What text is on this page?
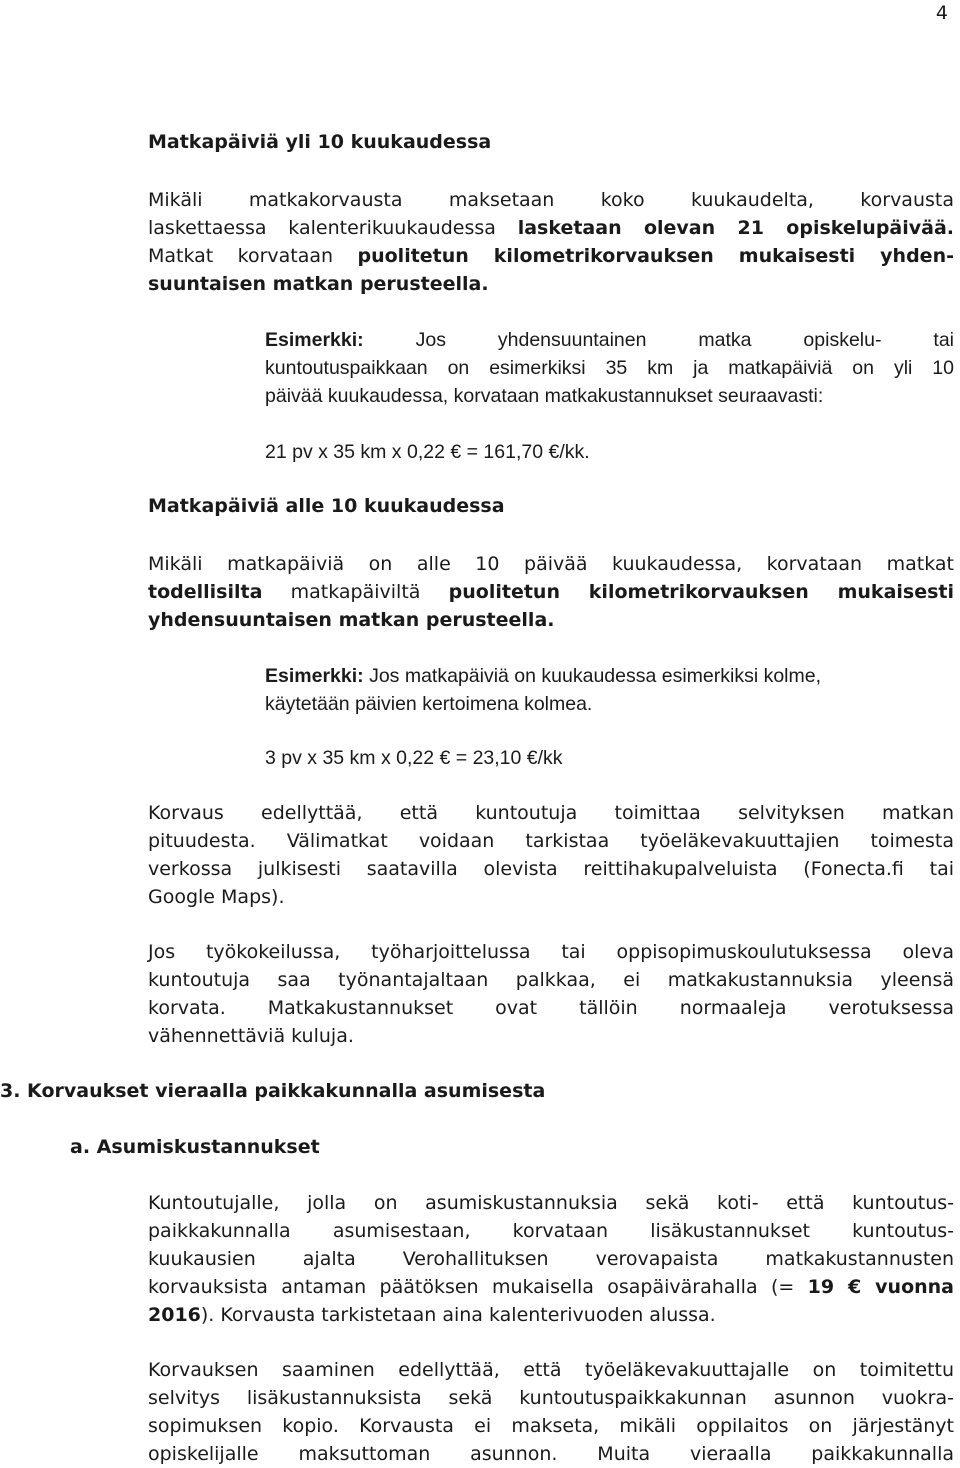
4
Matkapäiviä yli 10 kuukaudessa
Mikäli matkakorvausta maksetaan koko kuukaudelta, korvausta
laskettaessa kalenterikuukaudessa lasketaan olevan 21 opiskelupäivää.
Matkat korvataan puolitetun kilometrikorvauksen mukaisesti yhden-
suuntaisen matkan perusteella.
Esimerkki:	Jos yhdensuuntainen matka opiskelu- tai
kuntoutuspaikkaan on esimerkiksi 35 km ja matkapäiviä on yli 10
päivää kuukaudessa, korvataan matkakustannukset seuraavasti:
21 pv x 35 km x 0,22 € = 161,70 €/kk.
Matkapäiviä alle 10 kuukaudessa
Mikäli matkapäiviä on alle 10 päivää kuukaudessa, korvataan matkat
todellisilta matkapäiviltä puolitetun kilometrikorvauksen mukaisesti
yhdensuuntaisen matkan perusteella.
Esimerkki: Jos matkapäiviä on kuukaudessa esimerkiksi kolme,
käytetään päivien kertoimena kolmea.
3 pv x 35 km x 0,22 € = 23,10 €/kk
Korvaus edellyttää, että kuntoutuja toimittaa selvityksen matkan
pituudesta. Välimatkat voidaan tarkistaa työeläkevakuuttajien toimesta
verkossa julkisesti saatavilla olevista reittihakupalveluista (Fonecta.fi tai
Google Maps).
Jos työkokeilussa, työharjoittelussa tai oppisopimuskoulutuksessa oleva
kuntoutuja saa työnantajaltaan palkkaa, ei matkakustannuksia yleensä
korvata. Matkakustannukset ovat tällöin normaaleja verotuksessa
vähennettäviä kuluja.
3. Korvaukset vieraalla paikkakunnalla asumisesta
a. Asumiskustannukset
Kuntoutujalle, jolla on asumiskustannuksia sekä koti- että kuntoutus-
paikkakunnalla asumisestaan, korvataan lisäkustannukset kuntoutus-
kuukausien ajalta Verohallituksen verovapaista matkakustannusten
korvauksista antaman päätöksen mukaisella osapäivärahalla (= 19 € vuonna
2016). Korvausta tarkistetaan aina kalenterivuoden alussa.
Korvauksen saaminen edellyttää, että työeläkevakuuttajalle on toimitettu
selvitys lisäkustannuksista sekä kuntoutuspaikkakunnan asunnon vuokra-
sopimuksen kopio. Korvausta ei makseta, mikäli oppilaitos on järjestänyt
opiskelijalle maksuttoman asunnon. Muita vieraalla paikkakunnalla
